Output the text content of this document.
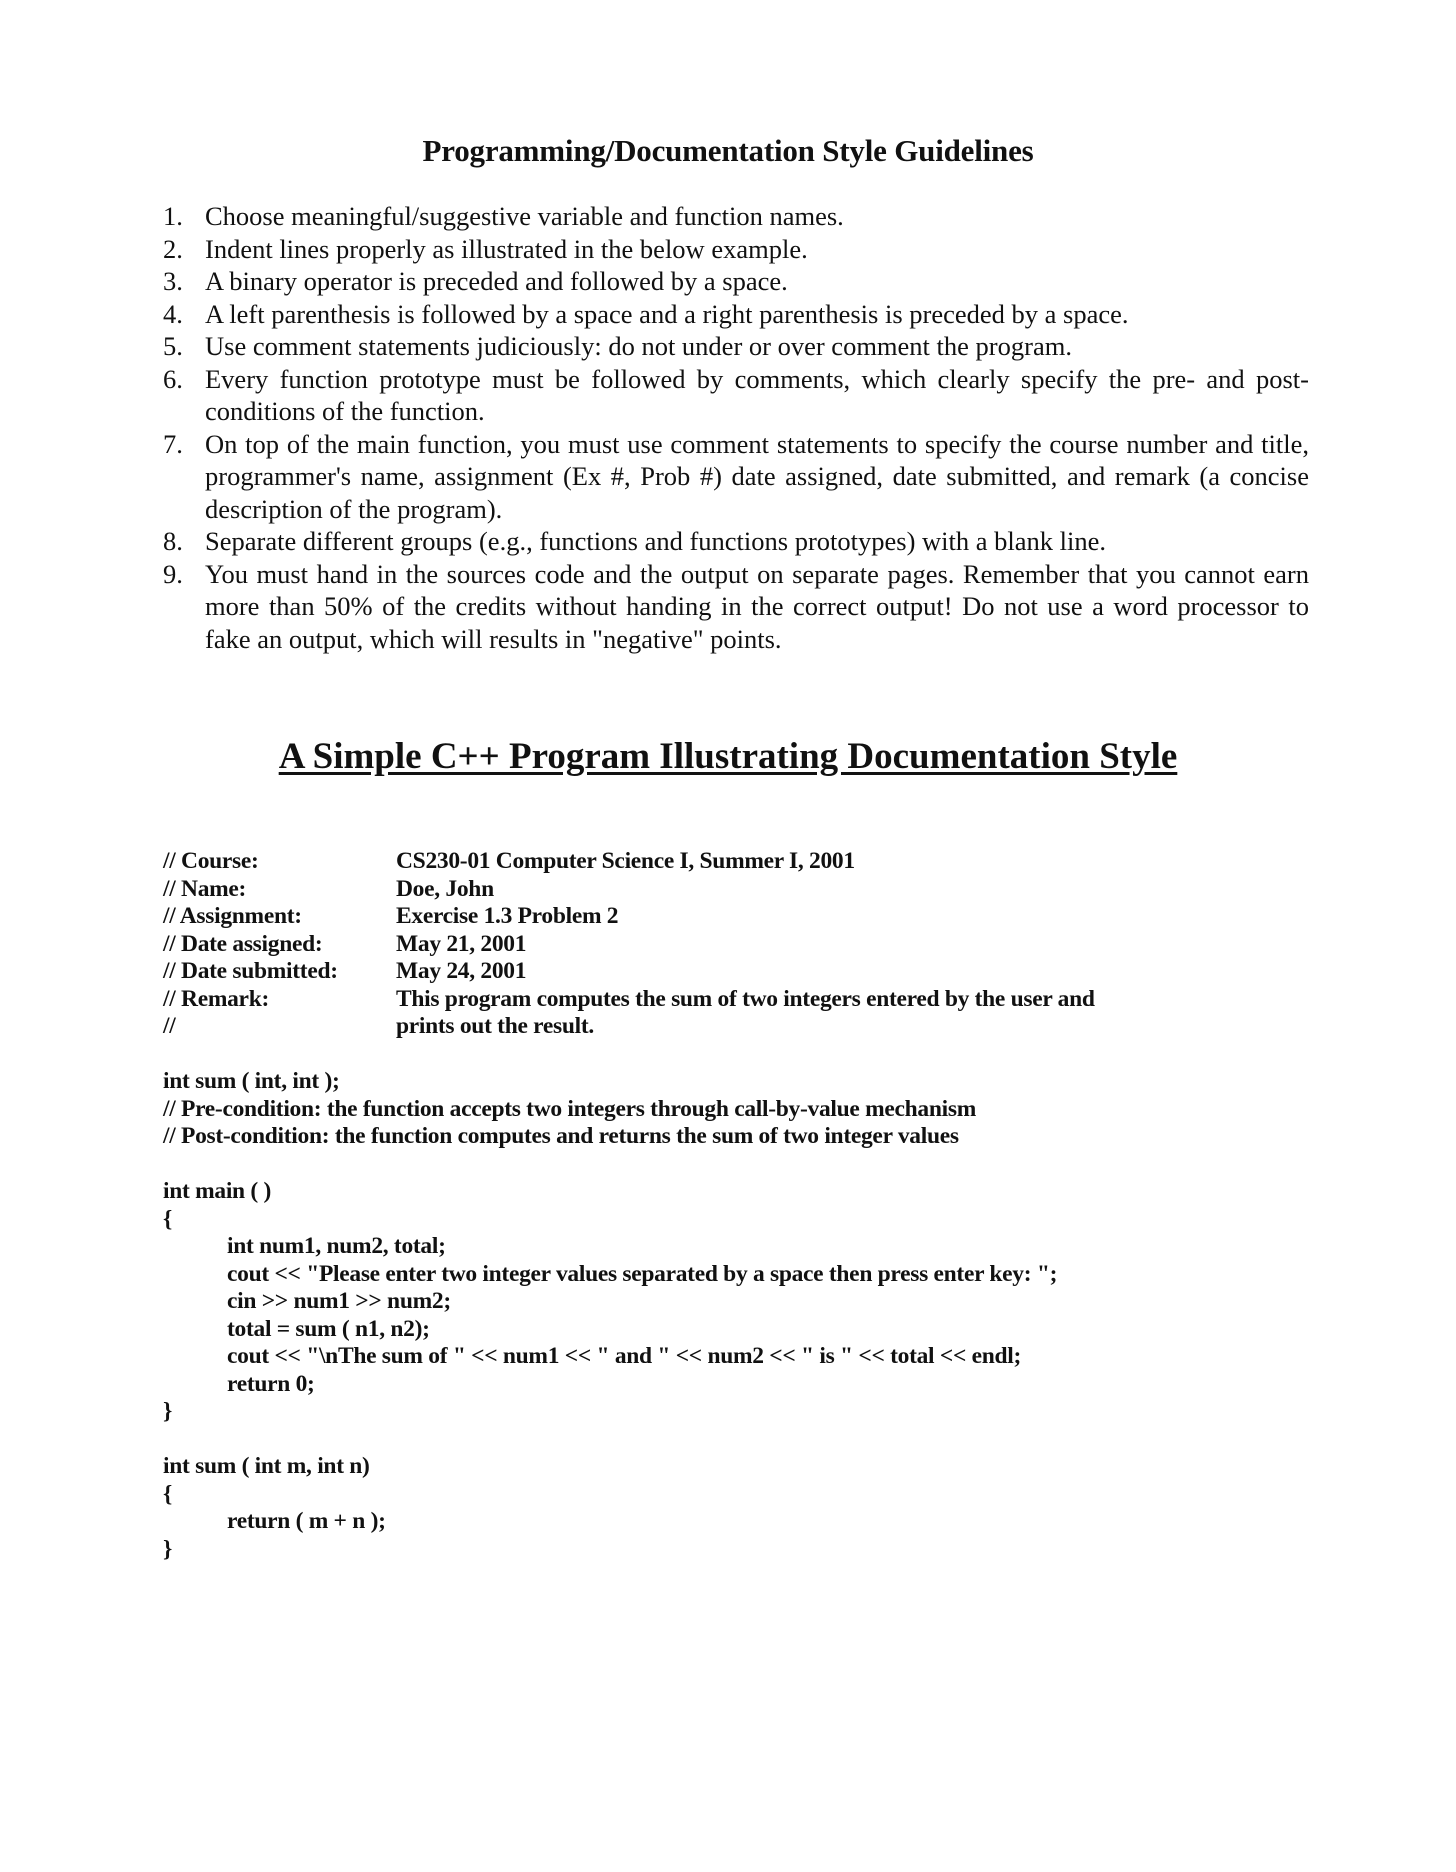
Programming/Documentation Style Guidelines
1. Choose meaningful/suggestive variable and function names.
2. Indent lines properly as illustrated in the below example.
3. A binary operator is preceded and followed by a space.
4. A left parenthesis is followed by a space and a right parenthesis is preceded by a space.
5. Use comment statements judiciously: do not under or over comment the program.
6. Every function prototype must be followed by comments, which clearly specify the pre- and post-conditions of the function.
7. On top of the main function, you must use comment statements to specify the course number and title, programmer's name, assignment (Ex #, Prob #) date assigned, date submitted, and remark (a concise description of the program).
8. Separate different groups (e.g., functions and functions prototypes) with a blank line.
9. You must hand in the sources code and the output on separate pages. Remember that you cannot earn more than 50% of the credits without handing in the correct output! Do not use a word processor to fake an output, which will results in "negative" points.
A Simple C++ Program Illustrating Documentation Style
// Course:	CS230-01 Computer Science I, Summer I, 2001
// Name:	Doe, John
// Assignment:	Exercise 1.3 Problem 2
// Date assigned:	May 21, 2001
// Date submitted: May 24, 2001
// Remark:	This program computes the sum of two integers entered by the user and
//	prints out the result.
int sum ( int, int );
// Pre-condition: the function accepts two integers through call-by-value mechanism
// Post-condition: the function computes and returns the sum of two integer values
int main ( )
{
int num1, num2, total;
cout << "Please enter two integer values separated by a space then press enter key: ";
cin >> num1 >> num2;
total = sum ( n1, n2);
cout << "\nThe sum of " << num1 << " and " << num2 << " is " << total << endl;
return 0;
}
int sum ( int m, int n)
{
return ( m + n );
}
